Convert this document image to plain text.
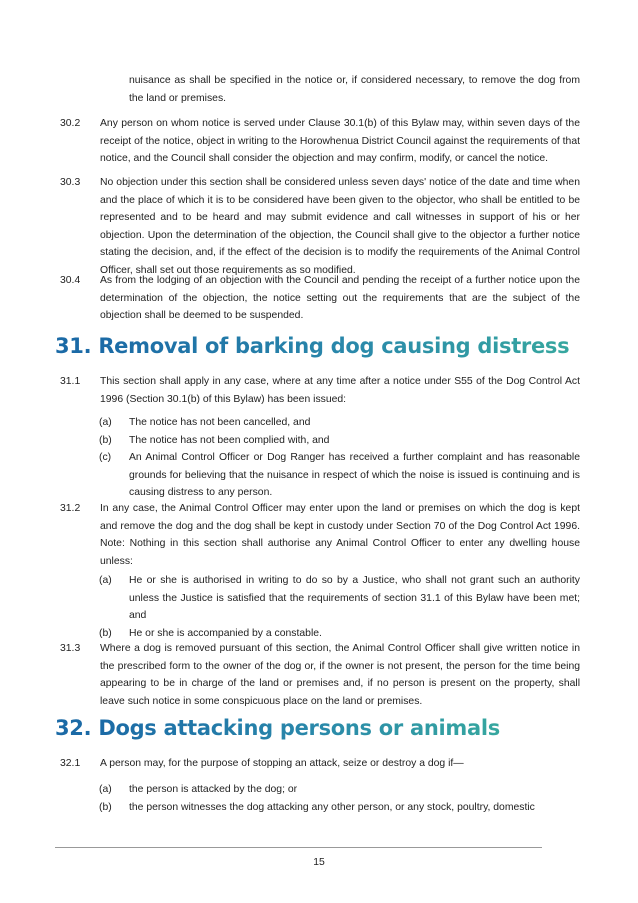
nuisance as shall be specified in the notice or, if considered necessary, to remove the dog from the land or premises.
30.2 Any person on whom notice is served under Clause 30.1(b) of this Bylaw may, within seven days of the receipt of the notice, object in writing to the Horowhenua District Council against the requirements of that notice, and the Council shall consider the objection and may confirm, modify, or cancel the notice.
30.3 No objection under this section shall be considered unless seven days' notice of the date and time when and the place of which it is to be considered have been given to the objector, who shall be entitled to be represented and to be heard and may submit evidence and call witnesses in support of his or her objection. Upon the determination of the objection, the Council shall give to the objector a further notice stating the decision, and, if the effect of the decision is to modify the requirements of the Animal Control Officer, shall set out those requirements as so modified.
30.4 As from the lodging of an objection with the Council and pending the receipt of a further notice upon the determination of the objection, the notice setting out the requirements that are the subject of the objection shall be deemed to be suspended.
31. Removal of barking dog causing distress
31.1 This section shall apply in any case, where at any time after a notice under S55 of the Dog Control Act 1996 (Section 30.1(b) of this Bylaw) has been issued:
(a) The notice has not been cancelled, and
(b) The notice has not been complied with, and
(c) An Animal Control Officer or Dog Ranger has received a further complaint and has reasonable grounds for believing that the nuisance in respect of which the noise is issued is continuing and is causing distress to any person.
31.2 In any case, the Animal Control Officer may enter upon the land or premises on which the dog is kept and remove the dog and the dog shall be kept in custody under Section 70 of the Dog Control Act 1996. Note: Nothing in this section shall authorise any Animal Control Officer to enter any dwelling house unless:
(a) He or she is authorised in writing to do so by a Justice, who shall not grant such an authority unless the Justice is satisfied that the requirements of section 31.1 of this Bylaw have been met; and
(b) He or she is accompanied by a constable.
31.3 Where a dog is removed pursuant of this section, the Animal Control Officer shall give written notice in the prescribed form to the owner of the dog or, if the owner is not present, the person for the time being appearing to be in charge of the land or premises and, if no person is present on the property, shall leave such notice in some conspicuous place on the land or premises.
32. Dogs attacking persons or animals
32.1 A person may, for the purpose of stopping an attack, seize or destroy a dog if—
(a) the person is attacked by the dog; or
(b) the person witnesses the dog attacking any other person, or any stock, poultry, domestic
15
